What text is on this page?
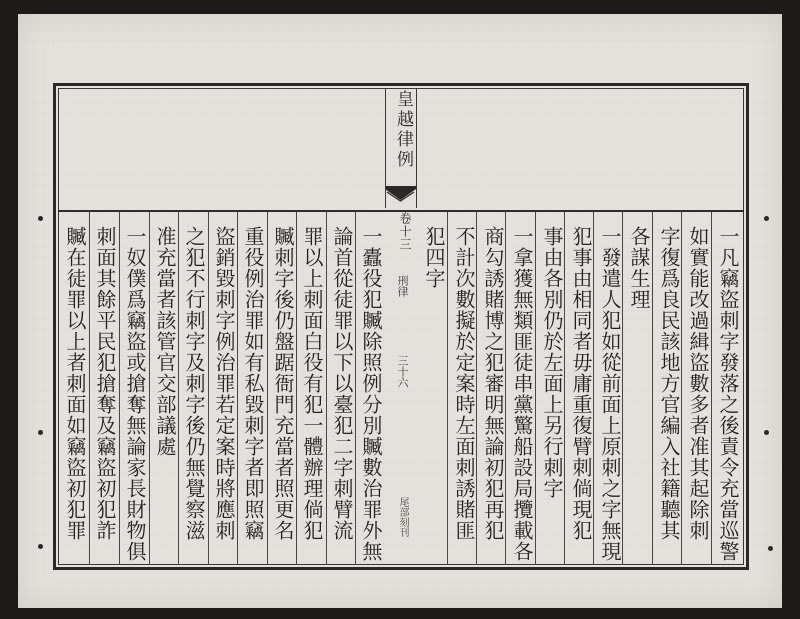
皇越律例
卷十三
刑律
三十六
尾部刻刊	一凡竊盜刺字發落之後責令充當巡警
如實能改過緝盜數多者准其起除刺
字復爲良民該地方官編入社籍聽其
各謀生理
一發遣人犯如從前面上原刺之字無現
犯事由相同者毋庸重復臂刺倘現犯
事由各別仍於左面上另行刺字
一拿獲無類匪徒串黨驚船設局攬載各
商勾誘賭博之犯審明無論初犯再犯
不計次數擬於定案時左面刺誘賭匪
犯四字
一蠹役犯贓除照例分別贓數治罪外無
論首從徒罪以下以臺犯二字刺臂流
罪以上刺面白役有犯一體辦理倘犯
贓刺字後仍盤踞衙門充當者照更名
重役例治罪如有私毀刺字者即照竊
盜銷毀刺字例治罪若定案時將應刺
之犯不行刺字及刺字後仍無覺察滋
准充當者該管官交部議處
一奴僕爲竊盜或搶奪無論家長財物俱
刺面其餘平民犯搶奪及竊盜初犯詐
贓在徒罪以上者刺面如竊盜初犯罪
